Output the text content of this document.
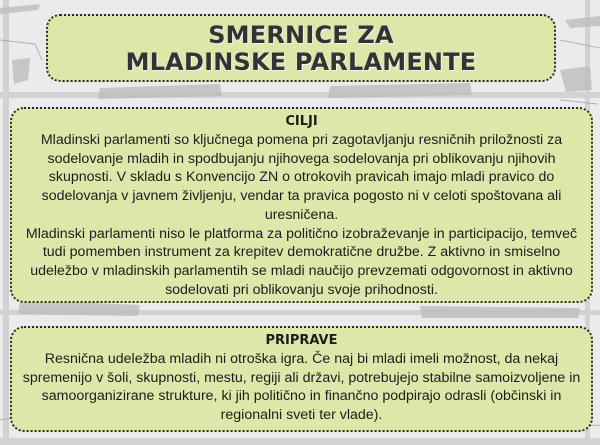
SMERNICE ZA
MLADINSKE PARLAMENTE
CILJI
Mladinski parlamenti so ključnega pomena pri zagotavljanju resničnih priložnosti za sodelovanje mladih in spodbujanju njihovega sodelovanja pri oblikovanju njihovih skupnosti. V skladu s Konvencijo ZN o otrokovih pravicah imajo mladi pravico do sodelovanja v javnem življenju, vendar ta pravica pogosto ni v celoti spoštovana ali uresničena.
Mladinski parlamenti niso le platforma za politično izobraževanje in participacijo, temveč tudi pomemben instrument za krepitev demokratične družbe. Z aktivno in smiselno udeležbo v mladinskih parlamentih se mladi naučijo prevzemati odgovornost in aktivno sodelovati pri oblikovanju svoje prihodnosti.
PRIPRAVE
Resnična udeležba mladih ni otroška igra. Če naj bi mladi imeli možnost, da nekaj spremenijo v šoli, skupnosti, mestu, regiji ali državi, potrebujejo stabilne samoizvoljene in samoorganizirane strukture, ki jih politično in finančno podpirajo odrasli (občinski in regionalni sveti ter vlade).
